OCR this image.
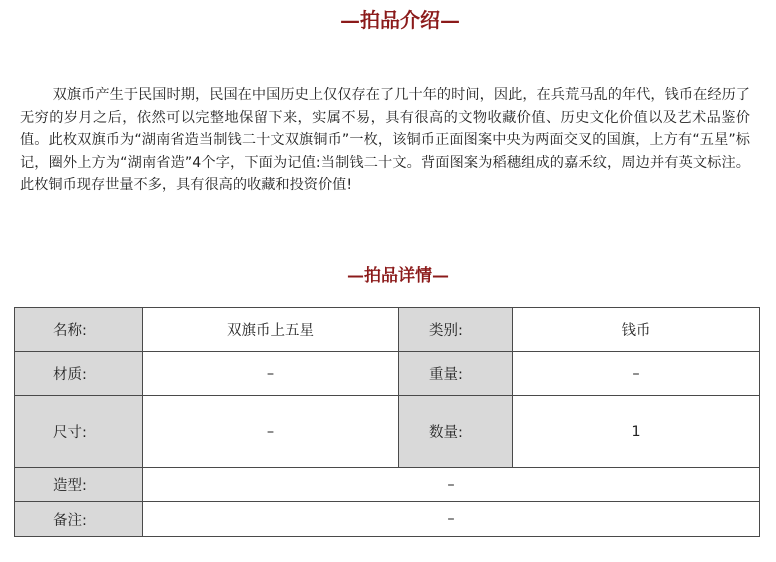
—拍品介绍—

双旗币产生于民国时期，民国在中国历史上仅仅存在了几十年的时间，因此，在兵荒马乱的年代，钱币在经历了无穷的岁月之后，依然可以完整地保留下来，实属不易，具有很高的文物收藏价值、历史文化价值以及艺术品鉴价值。此枚双旗币为“湖南省造当制钱二十文双旗铜币”一枚，该铜币正面图案中央为两面交叉的国旗，上方有“五星”标记，圈外上方为“湖南省造”4个字，下面为记值:当制钱二十文。背面图案为稻穗组成的嘉禾纹，周边并有英文标注。此枚铜币现存世量不多，具有很高的收藏和投资价值!

—拍品详情—
名称:	双旗币上五星	类别:	钱币
材质:	–	重量:	–
尺寸:	–	数量:	1
造型:	–		
备注:	–		
